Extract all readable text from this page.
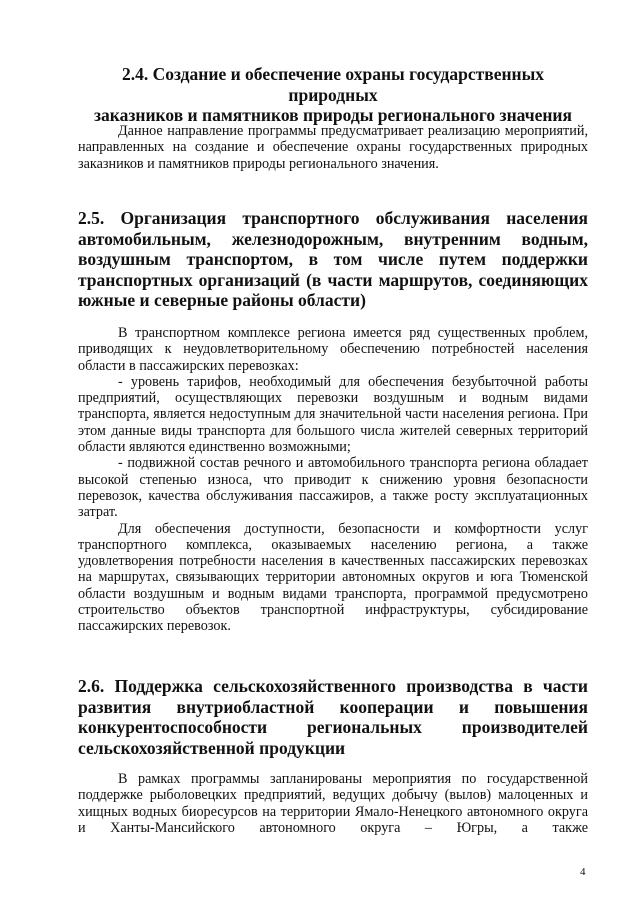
2.4. Создание и обеспечение охраны государственных природных

заказников и памятников природы регионального значения

Данное направление программы предусматривает реализацию мероприятий, направленных на создание и обеспечение охраны государственных природных заказников и памятников природы регионального значения.

2.5. Организация транспортного обслуживания населения

автомобильным, железнодорожным, внутренним водным,

воздушным транспортом, в том числе путем поддержки

транспортных организаций (в части маршрутов, соединяющих

южные и северные районы области)

В транспортном комплексе региона имеется ряд существенных проблем, приводящих к неудовлетворительному обеспечению потребностей населения области в пассажирских перевозках:

- уровень тарифов, необходимый для обеспечения безубыточной работы предприятий, осуществляющих перевозки воздушным и водным видами транспорта, является недоступным для значительной части населения региона. При этом данные виды транспорта для большого числа жителей северных территорий области являются единственно возможными;

- подвижной состав речного и автомобильного транспорта региона обладает высокой степенью износа, что приводит к снижению уровня безопасности перевозок, качества обслуживания пассажиров, а также росту эксплуатационных затрат.

Для обеспечения доступности, безопасности и комфортности услуг транспортного комплекса, оказываемых населению региона, а также удовлетворения потребности населения в качественных пассажирских перевозках на маршрутах, связывающих территории автономных округов и юга Тюменской области воздушным и водным видами транспорта, программой предусмотрено строительство объектов транспортной инфраструктуры, субсидирование пассажирских перевозок.

2.6. Поддержка сельскохозяйственного производства в части

развития внутриобластной кооперации и повышения

конкурентоспособности региональных производителей

сельскохозяйственной продукции

В рамках программы запланированы мероприятия по государственной поддержке рыболовецких предприятий, ведущих добычу (вылов) малоценных и хищных водных биоресурсов на территории Ямало-Ненецкого автономного округа и Ханты-Мансийского автономного округа – Югры, а также

4
